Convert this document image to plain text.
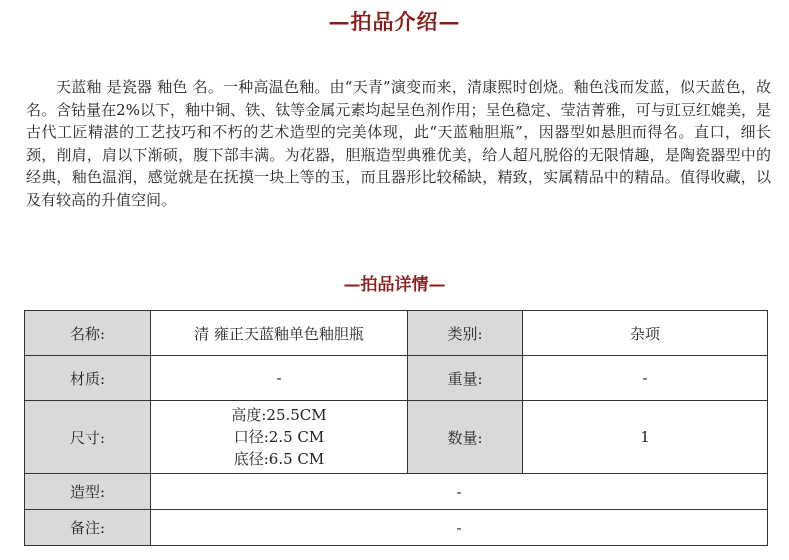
—拍品介绍—
天蓝釉 是瓷器 釉色 名。一种高温色釉。由“天青”演变而来，清康熙时创烧。釉色浅而发蓝，似天蓝色，故名。含钴量在2%以下，釉中铜、铁、钛等金属元素均起呈色剂作用；呈色稳定、莹洁菁雅，可与豇豆红媲美，是古代工匠精湛的工艺技巧和不朽的艺术造型的完美体现，此“天蓝釉胆瓶”，因器型如悬胆而得名。直口，细长颈，削肩，肩以下渐硕，腹下部丰满。为花器，胆瓶造型典雅优美，给人超凡脱俗的无限情趣，是陶瓷器型中的经典，釉色温润，感觉就是在抚摸一块上等的玉，而且器形比较稀缺，精致，实属精品中的精品。值得收藏，以及有较高的升值空间。
—拍品详情—
名称:	清 雍正天蓝釉单色釉胆瓶	类别:	杂项
材质:	-	重量:	-
尺寸:	高度:25.5CM
口径:2.5 CM
底径:6.5 CM	数量:	1
造型:	-		
备注:	-		
